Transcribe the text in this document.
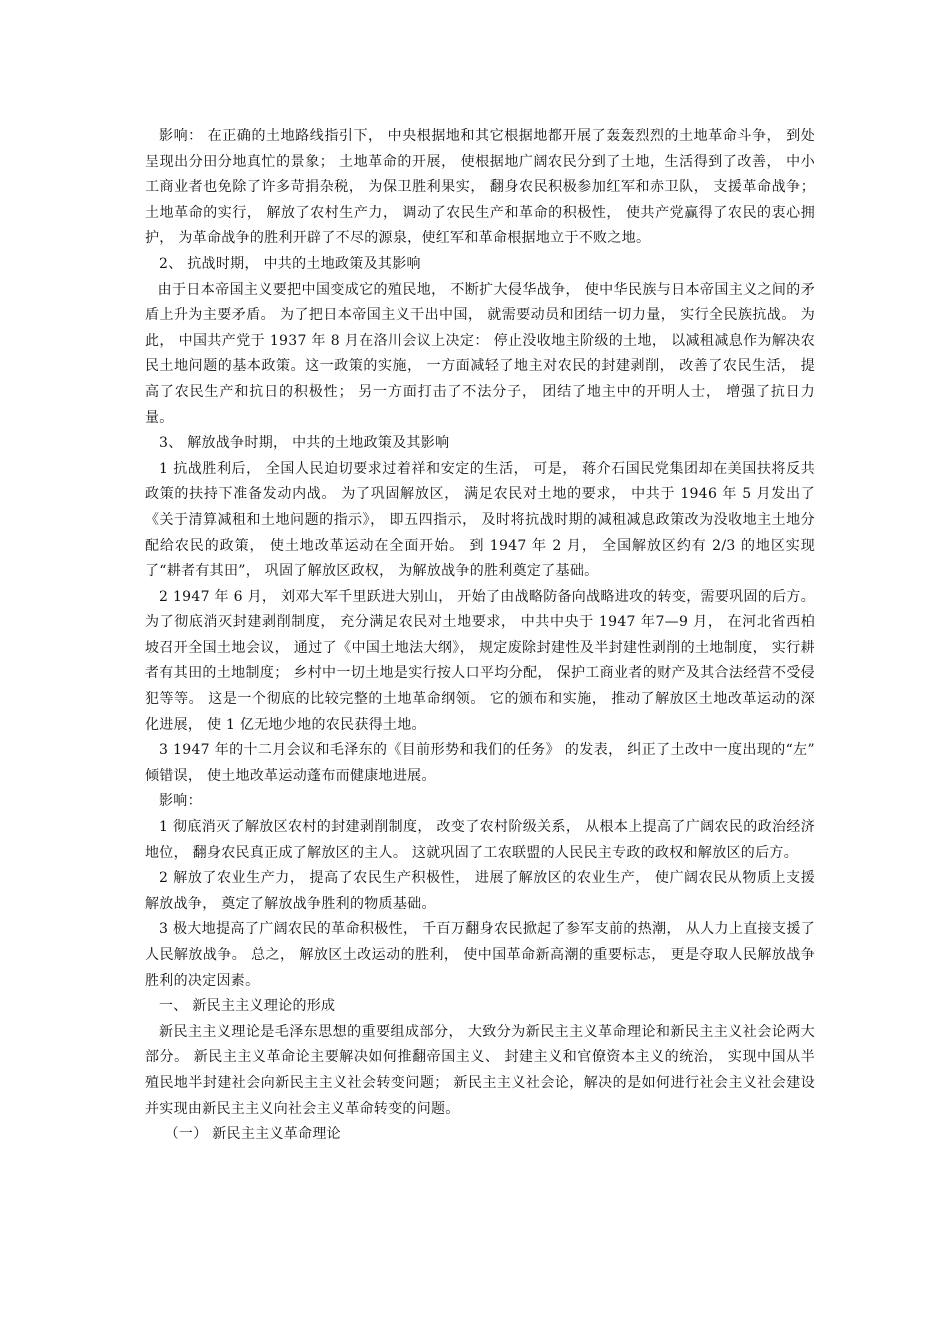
影响： 在正确的土地路线指引下， 中央根据地和其它根据地都开展了轰轰烈烈的土地革命斗争， 到处呈现出分田分地真忙的景象； 土地革命的开展， 使根据地广阔农民分到了土地，生活得到了改善， 中小工商业者也免除了许多苛捐杂税， 为保卫胜利果实， 翻身农民积极参加红军和赤卫队， 支援革命战争； 土地革命的实行， 解放了农村生产力， 调动了农民生产和革命的积极性， 使共产党赢得了农民的衷心拥护， 为革命战争的胜利开辟了不尽的源泉，使红军和革命根据地立于不败之地。

2、 抗战时期， 中共的土地政策及其影响

由于日本帝国主义要把中国变成它的殖民地， 不断扩大侵华战争， 使中华民族与日本帝国主义之间的矛盾上升为主要矛盾。 为了把日本帝国主义干出中国， 就需要动员和团结一切力量， 实行全民族抗战。 为此， 中国共产党于 1937 年 8 月在洛川会议上决定： 停止没收地主阶级的土地， 以减租减息作为解决农民土地问题的基本政策。这一政策的实施， 一方面减轻了地主对农民的封建剥削， 改善了农民生活， 提高了农民生产和抗日的积极性； 另一方面打击了不法分子， 团结了地主中的开明人士， 增强了抗日力量。

3、 解放战争时期， 中共的土地政策及其影响

1 抗战胜利后， 全国人民迫切要求过着祥和安定的生活， 可是， 蒋介石国民党集团却在美国扶将反共政策的扶持下准备发动内战。 为了巩固解放区， 满足农民对土地的要求， 中共于 1946 年 5 月发出了《关于清算减租和土地问题的指示》， 即五四指示， 及时将抗战时期的减租减息政策改为没收地主土地分配给农民的政策， 使土地改革运动在全面开始。 到 1947 年 2 月， 全国解放区约有 2/3 的地区实现了“耕者有其田”， 巩固了解放区政权， 为解放战争的胜利奠定了基础。

2 1947 年 6 月， 刘邓大军千里跃进大别山， 开始了由战略防备向战略进攻的转变，需要巩固的后方。 为了彻底消灭封建剥削制度， 充分满足农民对土地要求， 中共中央于 1947 年7—9 月， 在河北省西柏坡召开全国土地会议， 通过了《中国土地法大纲》， 规定废除封建性及半封建性剥削的土地制度， 实行耕者有其田的土地制度； 乡村中一切土地是实行按人口平均分配， 保护工商业者的财产及其合法经营不受侵犯等等。 这是一个彻底的比较完整的土地革命纲领。 它的颁布和实施， 推动了解放区土地改革运动的深化进展， 使 1 亿无地少地的农民获得土地。

3 1947 年的十二月会议和毛泽东的《目前形势和我们的任务》 的发表， 纠正了土改中一度出现的“左” 倾错误， 使土地改革运动蓬布而健康地进展。

影响：

1 彻底消灭了解放区农村的封建剥削制度， 改变了农村阶级关系， 从根本上提高了广阔农民的政治经济地位， 翻身农民真正成了解放区的主人。 这就巩固了工农联盟的人民民主专政的政权和解放区的后方。

2 解放了农业生产力， 提高了农民生产积极性， 进展了解放区的农业生产， 使广阔农民从物质上支援解放战争， 奠定了解放战争胜利的物质基础。

3 极大地提高了广阔农民的革命积极性， 千百万翻身农民掀起了参军支前的热潮， 从人力上直接支援了人民解放战争。 总之， 解放区土改运动的胜利， 使中国革命新高潮的重要标志， 更是夺取人民解放战争胜利的决定因素。

一、 新民主主义理论的形成

新民主主义理论是毛泽东思想的重要组成部分， 大致分为新民主主义革命理论和新民主主义社会论两大部分。 新民主主义革命论主要解决如何推翻帝国主义、 封建主义和官僚资本主义的统治， 实现中国从半殖民地半封建社会向新民主主义社会转变问题； 新民主主义社会论，解决的是如何进行社会主义社会建设并实现由新民主主义向社会主义革命转变的问题。

（一） 新民主主义革命理论
